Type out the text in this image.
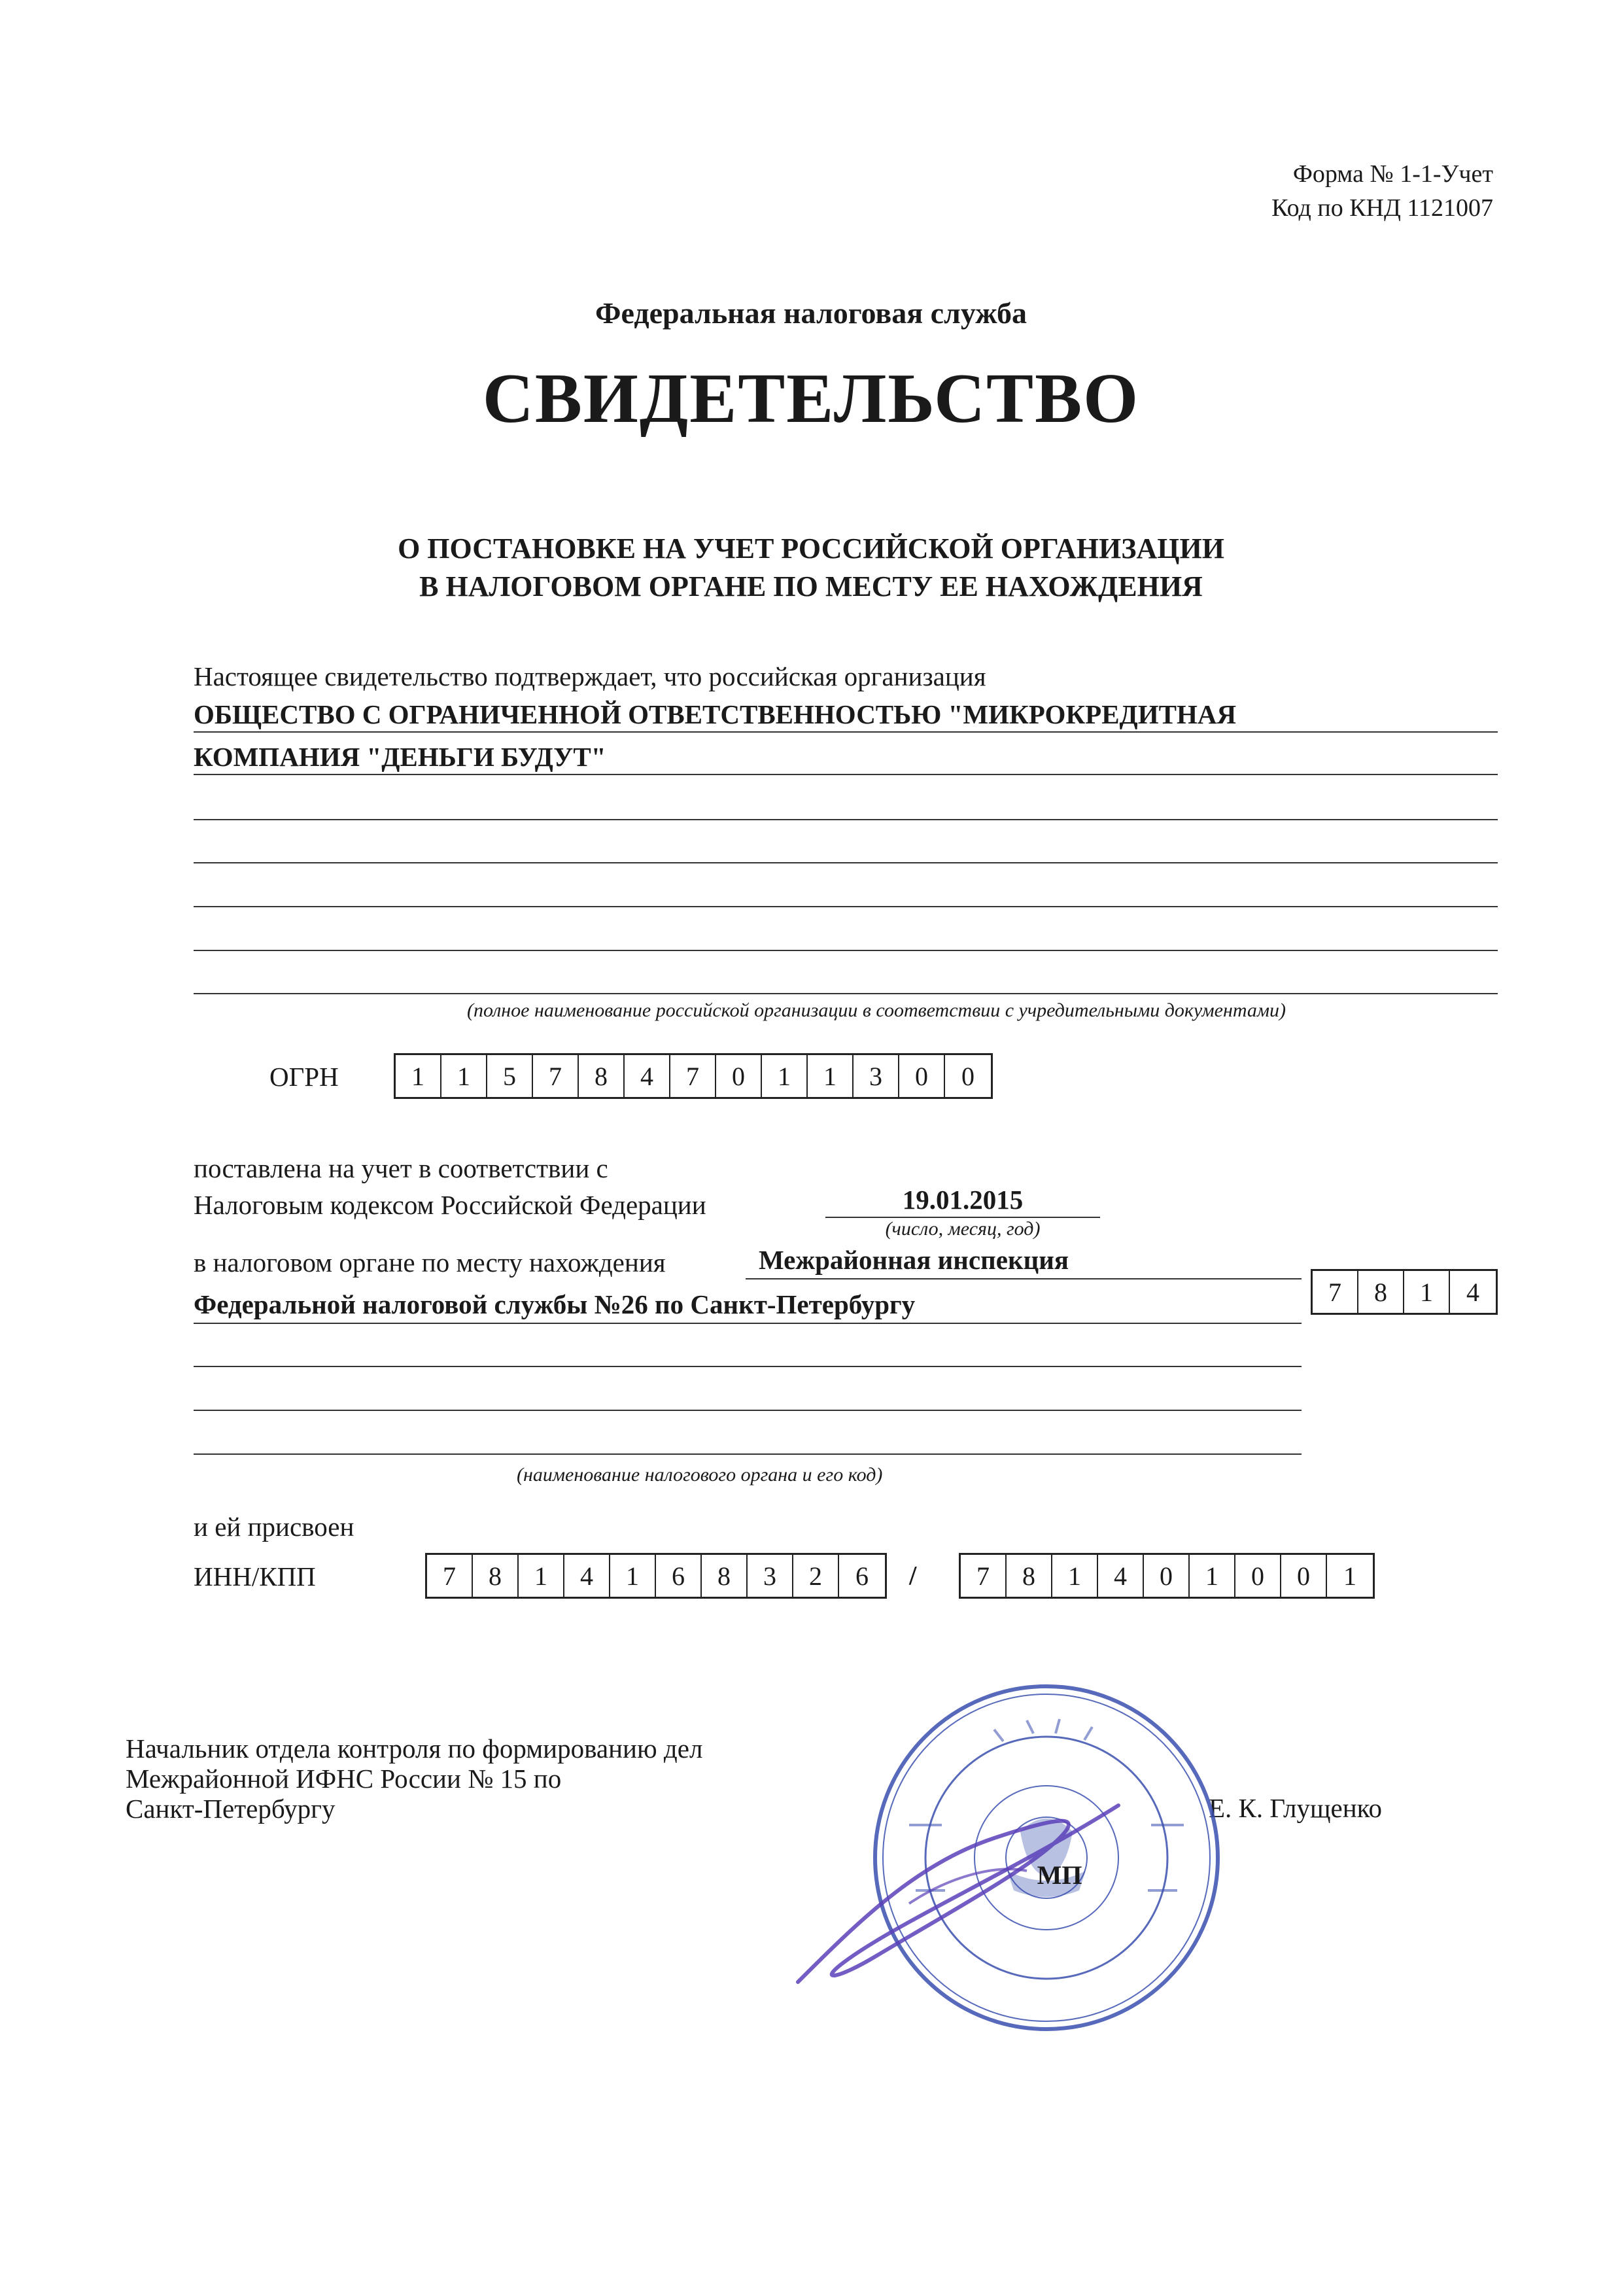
Форма № 1-1-Учет
Код по КНД 1121007
Федеральная налоговая служба
СВИДЕТЕЛЬСТВО
О ПОСТАНОВКЕ НА УЧЕТ РОССИЙСКОЙ ОРГАНИЗАЦИИ
В НАЛОГОВОМ ОРГАНЕ ПО МЕСТУ ЕЕ НАХОЖДЕНИЯ
Настоящее свидетельство подтверждает, что российская организация
ОБЩЕСТВО С ОГРАНИЧЕННОЙ ОТВЕТСТВЕННОСТЬЮ "МИКРОКРЕДИТНАЯ
КОМПАНИЯ "ДЕНЬГИ БУДУТ"
(полное наименование российской организации в соответствии с учредительными документами)
ОГРН	1	1	5	7	8	4	7	0	1	1	3	0	0
поставлена на учет в соответствии с
Налоговым кодексом Российской Федерации	19.01.2015
(число, месяц, год)
в налоговом органе по месту нахождения	Межрайонная инспекция
Федеральной налоговой службы №26 по Санкт-Петербургу	7	8	1	4
(наименование налогового органа и его код)
и ей присвоен
ИНН/КПП	7	8	1	4	1	6	8	3	2	6	/	7	8	1	4	0	1	0	0	1
Начальник отдела контроля по формированию дел
Межрайонной ИФНС России № 15 по
Санкт-Петербургу	Е. К. Глущенко
МП
